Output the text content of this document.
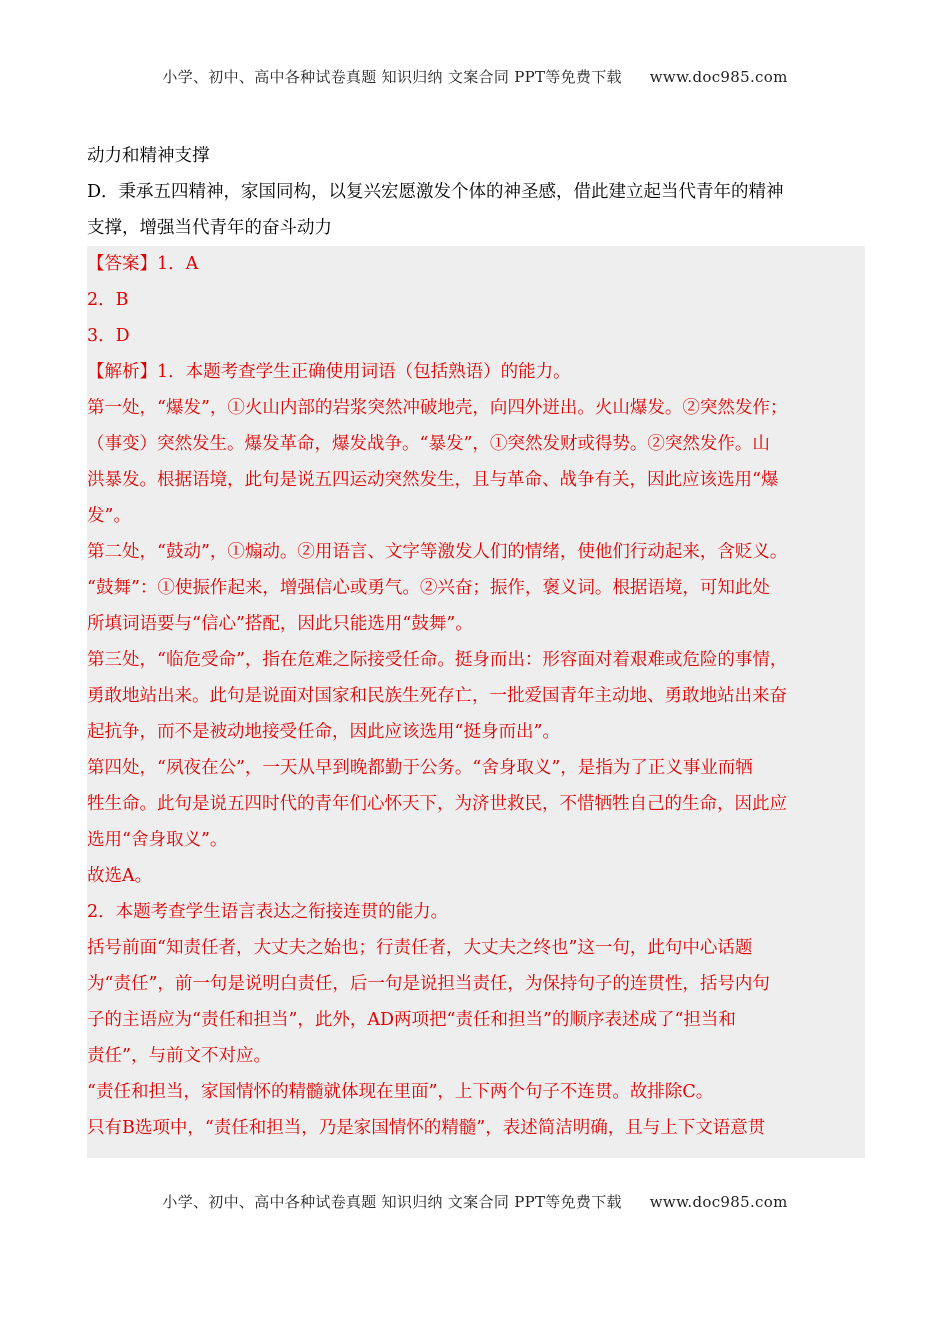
小学、初中、高中各种试卷真题 知识归纳 文案合同 PPT等免费下载 www.doc985.com
动力和精神支撑
D．秉承五四精神，家国同构，以复兴宏愿激发个体的神圣感，借此建立起当代青年的精神
支撑，增强当代青年的奋斗动力
【答案】1．A
2．B
3．D
【解析】1．本题考查学生正确使用词语（包括熟语）的能力。
第一处，“爆发”，①火山内部的岩浆突然冲破地壳，向四外迸出。火山爆发。②突然发作；
（事变）突然发生。爆发革命，爆发战争。“暴发”，①突然发财或得势。②突然发作。山
洪暴发。根据语境，此句是说五四运动突然发生，且与革命、战争有关，因此应该选用“爆
发”。
第二处，“鼓动”，①煽动。②用语言、文字等激发人们的情绪，使他们行动起来，含贬义。
“鼓舞”：①使振作起来，增强信心或勇气。②兴奋；振作，褒义词。根据语境，可知此处
所填词语要与“信心”搭配，因此只能选用“鼓舞”。
第三处，“临危受命”，指在危难之际接受任命。挺身而出：形容面对着艰难或危险的事情，
勇敢地站出来。此句是说面对国家和民族生死存亡，一批爱国青年主动地、勇敢地站出来奋
起抗争，而不是被动地接受任命，因此应该选用“挺身而出”。
第四处，“夙夜在公”，一天从早到晚都勤于公务。“舍身取义”，是指为了正义事业而牺
牲生命。此句是说五四时代的青年们心怀天下，为济世救民，不惜牺牲自己的生命，因此应
选用“舍身取义”。
故选A。
2．本题考查学生语言表达之衔接连贯的能力。
括号前面“知责任者，大丈夫之始也；行责任者，大丈夫之终也”这一句，此句中心话题
为“责任”，前一句是说明白责任，后一句是说担当责任，为保持句子的连贯性，括号内句
子的主语应为“责任和担当”，此外，AD两项把“责任和担当”的顺序表述成了“担当和
责任”，与前文不对应。
“责任和担当，家国情怀的精髓就体现在里面”，上下两个句子不连贯。故排除C。
只有B选项中，“责任和担当，乃是家国情怀的精髓”，表述简洁明确，且与上下文语意贯
小学、初中、高中各种试卷真题 知识归纳 文案合同 PPT等免费下载 www.doc985.com
